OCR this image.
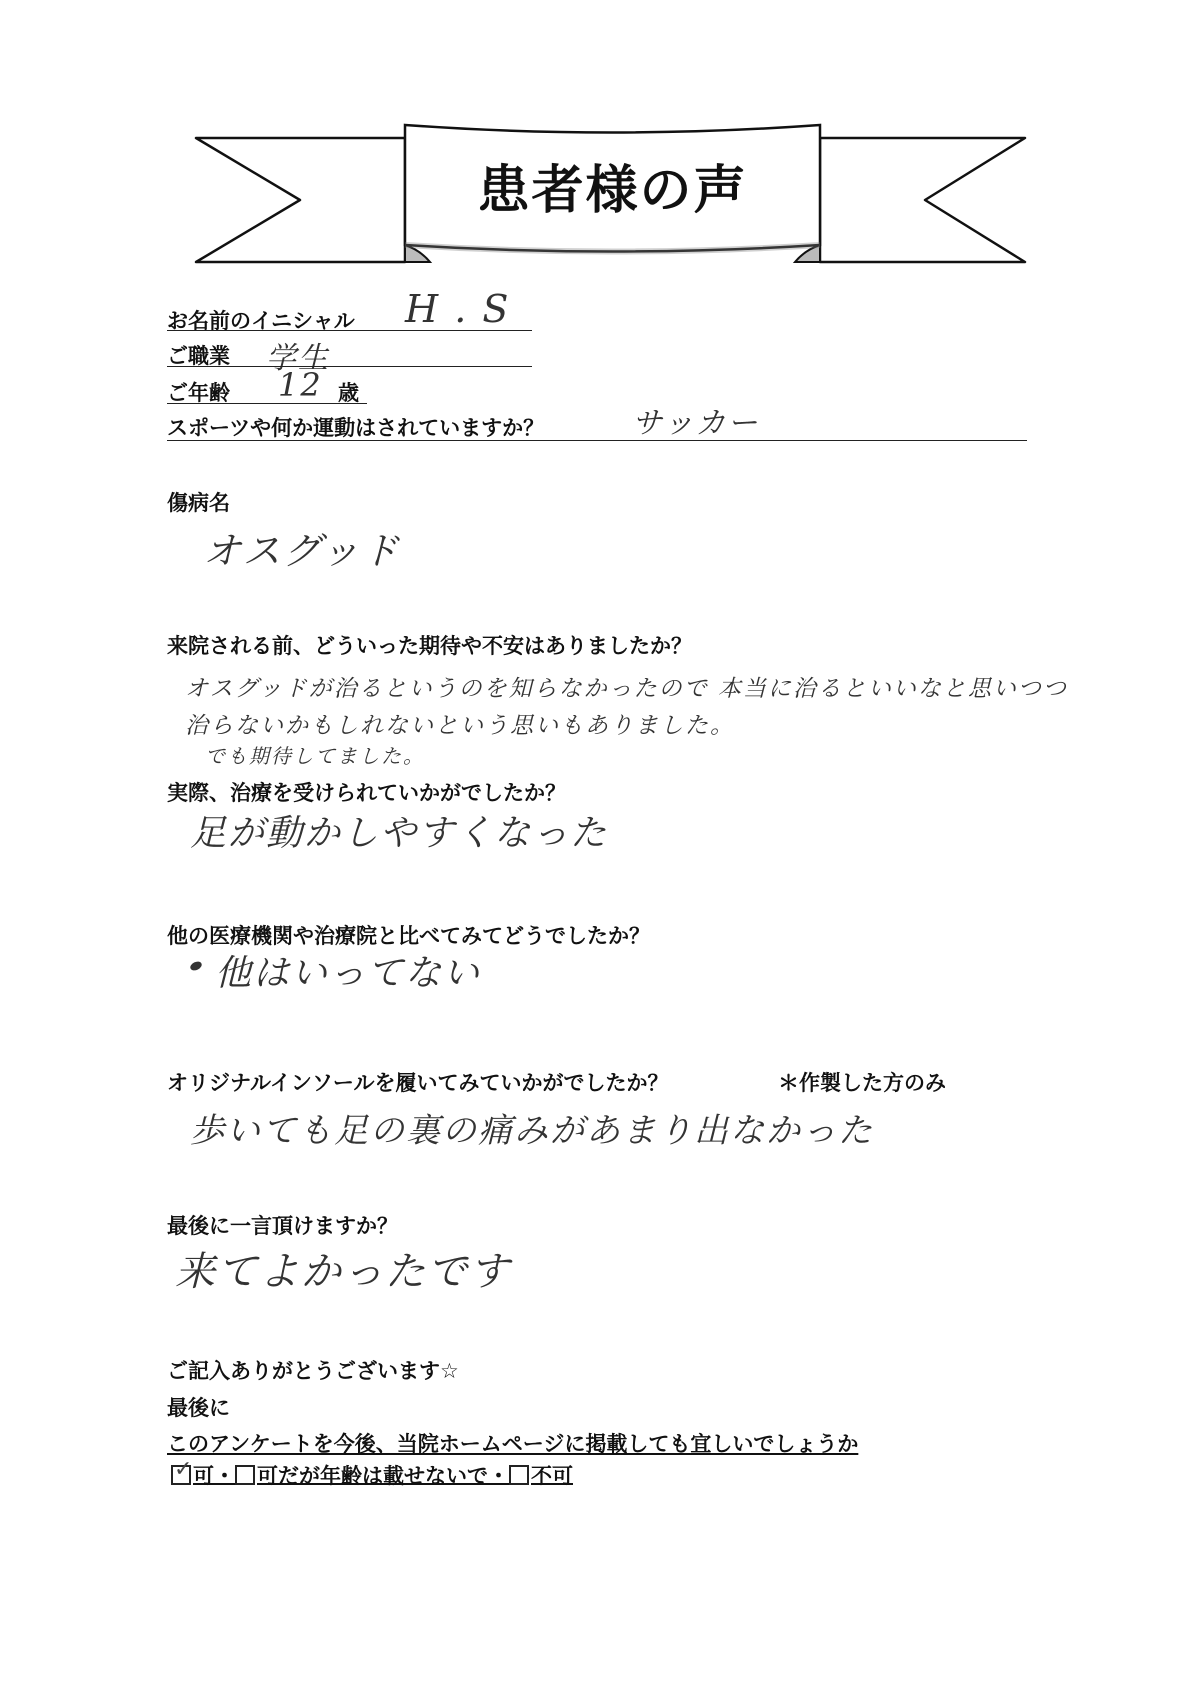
患者様の声
お名前のイニシャル H . S
ご職業 学生
ご年齢 12 歳
スポーツや何か運動はされていますか？	サッカー
傷病名
オスグッド
来院される前、どういった期待や不安はありましたか？
オスグッドが治るというのを知らなかったので 本当に治るといいなと思いつつ
治らないかもしれないという思いもありました。
でも期待してました。
実際、治療を受けられていかがでしたか？
足が動かしやすくなった
他の医療機関や治療院と比べてみてどうでしたか？
他はいってない
オリジナルインソールを履いてみていかがでしたか？	＊作製した方のみ
歩いても足の裏の痛みがあまり出なかった
最後に一言頂けますか？
来てよかったです
ご記入ありがとうございます☆
最後に
このアンケートを今後、当院ホームページに掲載しても宜しいでしょうか
✓ 可・ 可だが年齢は載せないで・ 不可
